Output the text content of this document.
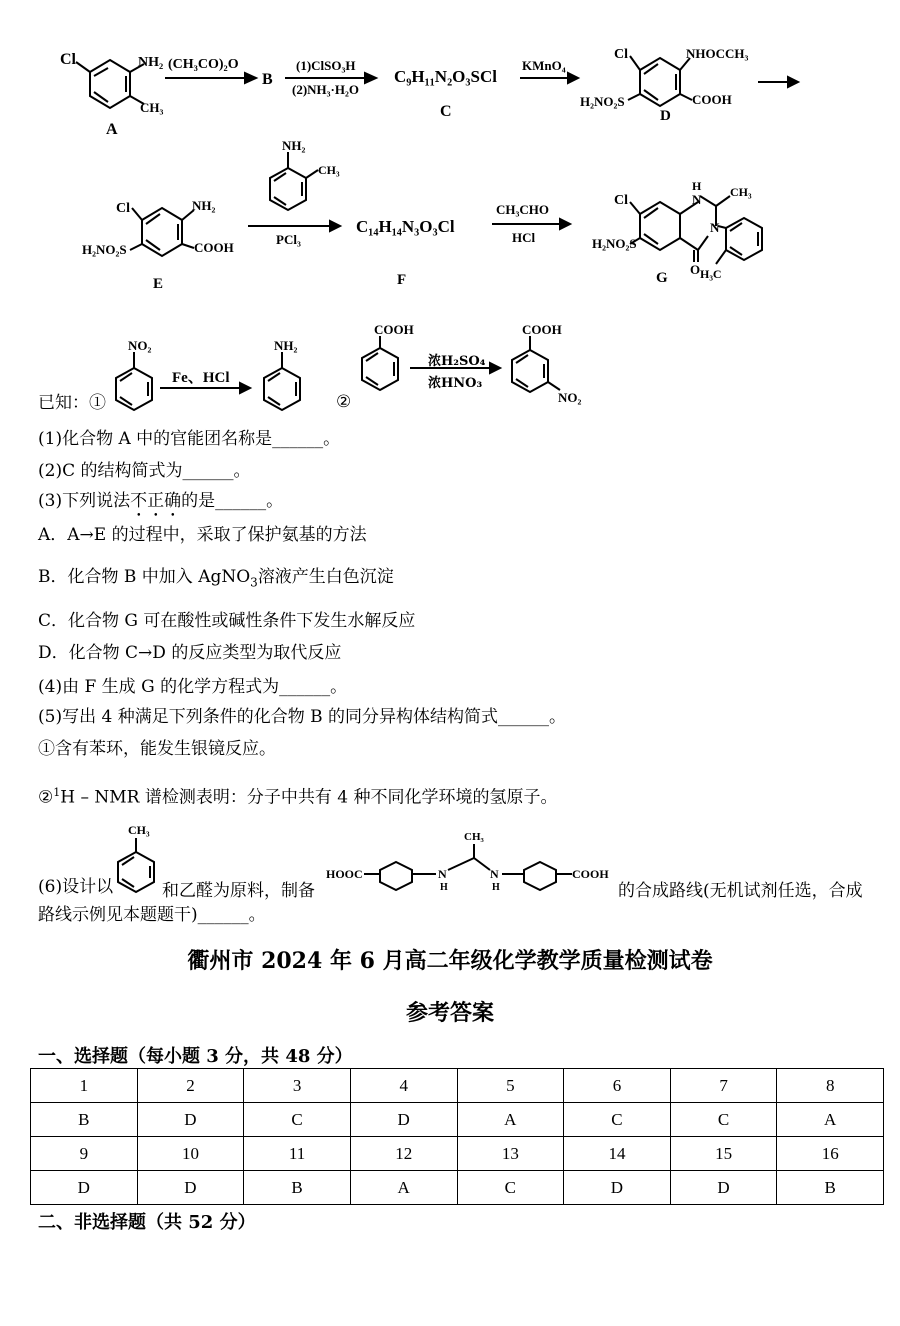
Cl	NH₂
CH₃
A
(CH₃CO)₂O
B
(1)ClSO₃H
(2)NH₃·H₂O
C₉H₁₁N₂O₃SCl
C
KMnO₄
Cl	NHOCCH₃
COOH
H₂NO₂S
D
Cl	NH₂
COOH
H₂NO₂S
E
NH₂
CH₃
PCl₃
C₁₄H₁₄N₃O₃Cl
F
CH₃CHO
HCl
Cl
H
N CH₃
N
O
H₂NO₂S
H₃C
G
NO₂
Fe、HCl
NH₂
COOH	COOH
NO₂
已知：①	②
浓H₂SO₄
浓HNO₃
(1)化合物 A 中的官能团名称是______。
(2)C 的结构简式为______。
(3)下列说法不正确的是______。
A．A→E 的过程中，采取了保护氨基的方法
B．化合物 B 中加入 AgNO$_3$溶液产生白色沉淀
C．化合物 G 可在酸性或碱性条件下发生水解反应
D．化合物 C→D 的反应类型为取代反应
(4)由 F 生成 G 的化学方程式为______。
(5)写出 4 种满足下列条件的化合物 B 的同分异构体结构简式______。
①含有苯环，能发生银镜反应。
②$^1$H – NMR 谱检测表明：分子中共有 4 种不同化学环境的氢原子。
(6)设计以
CH₃
和乙醛为原料，制备
HOOC	N
H
CH₃
N
H
COOH
的合成路线(无机试剂任选，合成
路线示例见本题题干)______。
衢州市 2024 年 6 月高二年级化学教学质量检测试卷
参考答案
一、选择题（每小题 3 分，共 48 分）
1	2	3	4	5	6	7	8
B	D	C	D	A	C	C	A
9	10	11	12	13	14	15	16
D	D	B	A	C	D	D	B
二、非选择题（共 52 分）
